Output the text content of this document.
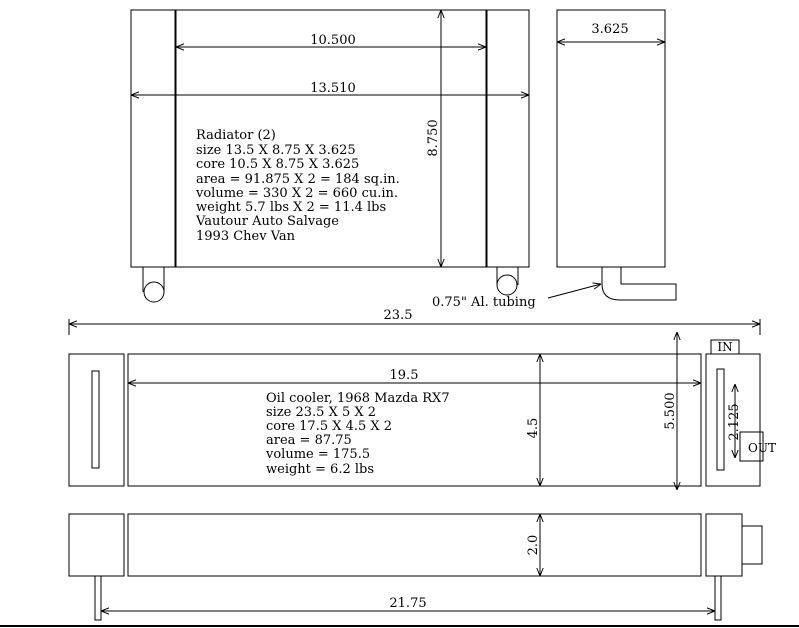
10.500
13.510
8.750
3.625
Radiator (2)
size 13.5 X 8.75 X 3.625
core 10.5 X 8.75 X 3.625
area = 91.875 X 2 = 184 sq.in.
volume = 330 X 2 = 660 cu.in.
weight 5.7 lbs X 2 = 11.4 lbs
Vautour Auto Salvage
1993 Chev Van
0.75" Al. tubing
23.5
19.5
4.5	5.500	2.125
IN
OUT
Oil cooler, 1968 Mazda RX7
size 23.5 X 5 X 2
core 17.5 X 4.5 X 2
area = 87.75
volume = 175.5
weight = 6.2 lbs
2.0
21.75
